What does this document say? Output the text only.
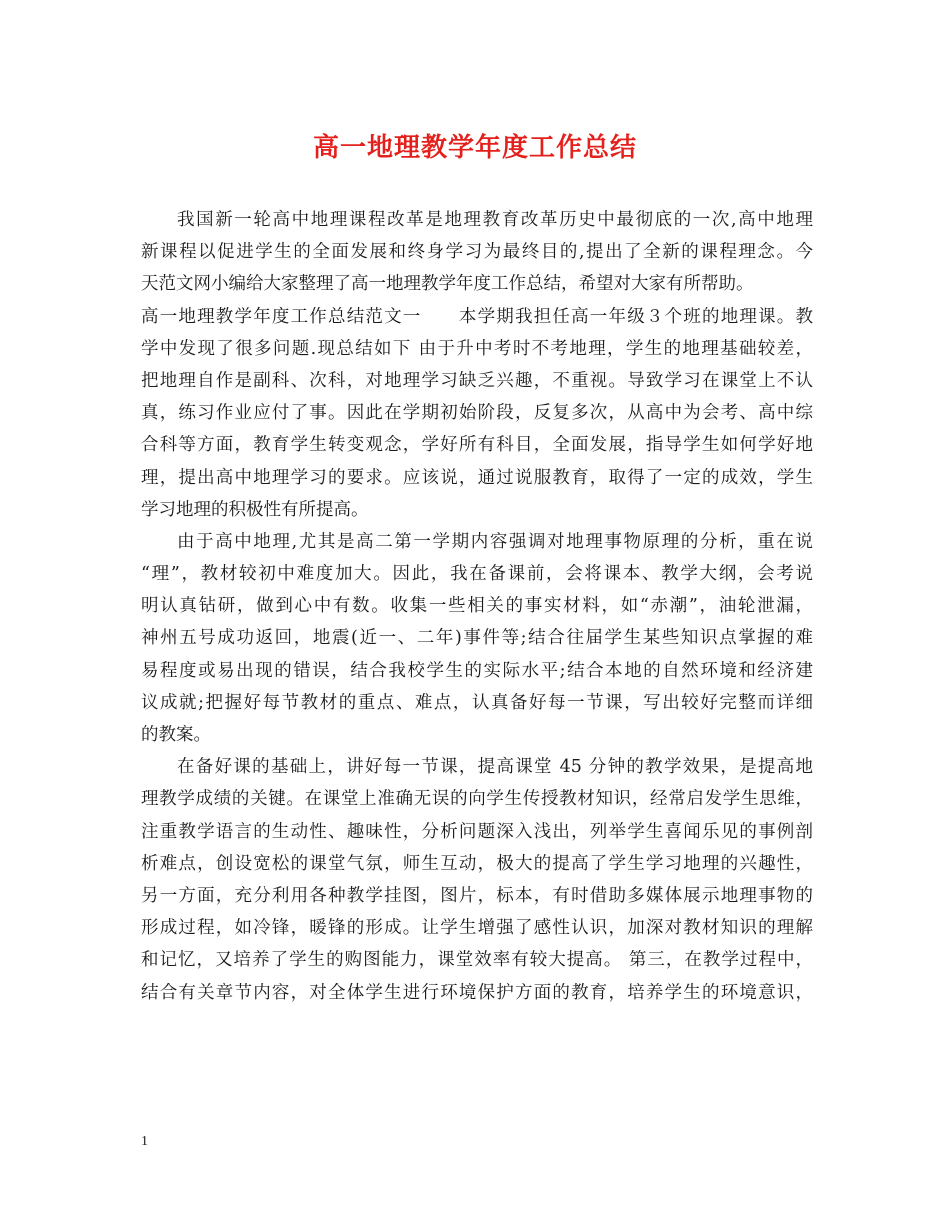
高一地理教学年度工作总结
我国新一轮高中地理课程改革是地理教育改革历史中最彻底的一次,高中地理
新课程以促进学生的全面发展和终身学习为最终目的,提出了全新的课程理念。今
天范文网小编给大家整理了高一地理教学年度工作总结，希望对大家有所帮助。
高一地理教学年度工作总结范文一　　本学期我担任高一年级３个班的地理课。教
学中发现了很多问题.现总结如下 由于升中考时不考地理，学生的地理基础较差，
把地理自作是副科、次科，对地理学习缺乏兴趣，不重视。导致学习在课堂上不认
真，练习作业应付了事。因此在学期初始阶段，反复多次，从高中为会考、高中综
合科等方面，教育学生转变观念，学好所有科目，全面发展，指导学生如何学好地
理，提出高中地理学习的要求。应该说，通过说服教育，取得了一定的成效，学生
学习地理的积极性有所提高。
由于高中地理,尤其是高二第一学期内容强调对地理事物原理的分析，重在说
“理”，教材较初中难度加大。因此，我在备课前，会将课本、教学大纲，会考说
明认真钻研，做到心中有数。收集一些相关的事实材料，如“赤潮”，油轮泄漏，
神州五号成功返回，地震(近一、二年)事件等;结合往届学生某些知识点掌握的难
易程度或易出现的错误，结合我校学生的实际水平;结合本地的自然环境和经济建
议成就;把握好每节教材的重点、难点，认真备好每一节课，写出较好完整而详细
的教案。
在备好课的基础上，讲好每一节课，提高课堂 45 分钟的教学效果，是提高地
理教学成绩的关键。在课堂上准确无误的向学生传授教材知识，经常启发学生思维，
注重教学语言的生动性、趣味性，分析问题深入浅出，列举学生喜闻乐见的事例剖
析难点，创设宽松的课堂气氛，师生互动，极大的提高了学生学习地理的兴趣性，
另一方面，充分利用各种教学挂图，图片，标本，有时借助多媒体展示地理事物的
形成过程，如冷锋，暖锋的形成。让学生增强了感性认识，加深对教材知识的理解
和记忆，又培养了学生的购图能力，课堂效率有较大提高。 第三，在教学过程中，
结合有关章节内容，对全体学生进行环境保护方面的教育，培养学生的环境意识，
1
